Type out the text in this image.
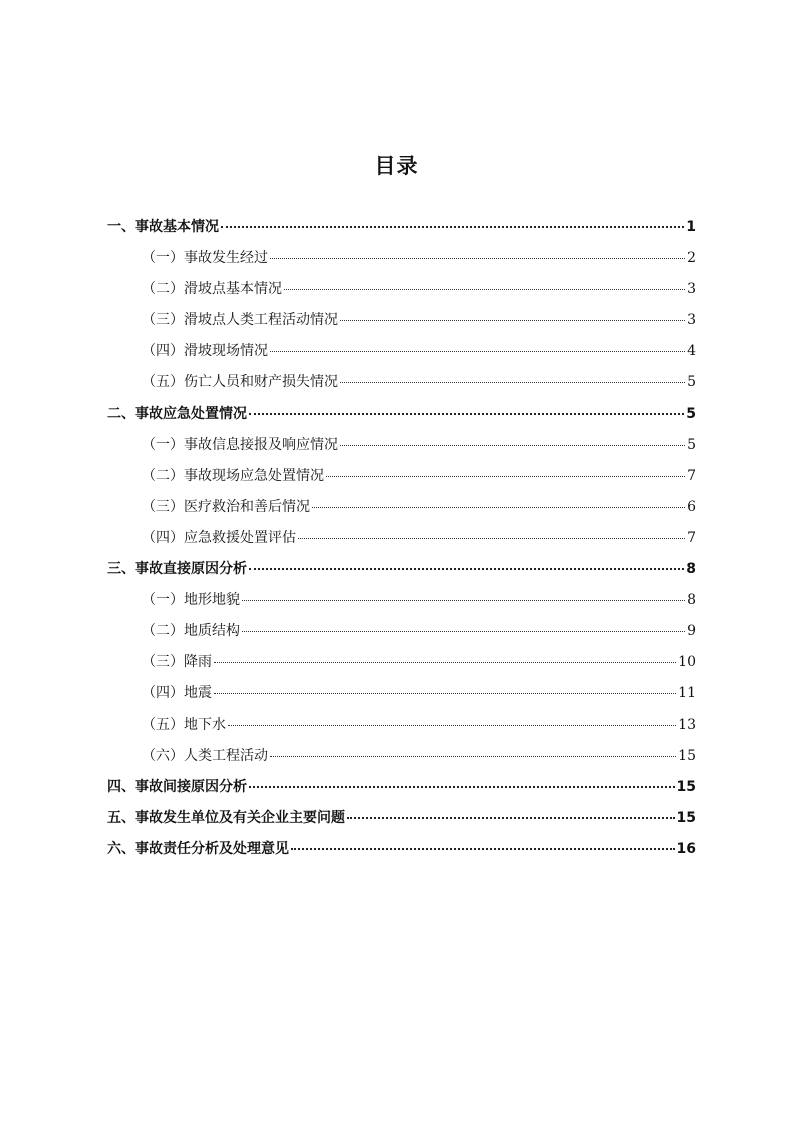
目录
一、事故基本情况	1
（一）事故发生经过	2
（二）滑坡点基本情况	3
（三）滑坡点人类工程活动情况	3
（四）滑坡现场情况	4
（五）伤亡人员和财产损失情况	5
二、事故应急处置情况	5
（一）事故信息接报及响应情况	5
（二）事故现场应急处置情况	7
（三）医疗救治和善后情况	6
（四）应急救援处置评估	7
三、事故直接原因分析	8
（一）地形地貌	8
（二）地质结构	9
（三）降雨	10
（四）地震	11
（五）地下水	13
（六）人类工程活动	15
四、事故间接原因分析	15
五、事故发生单位及有关企业主要问题	15
六、事故责任分析及处理意见	16
